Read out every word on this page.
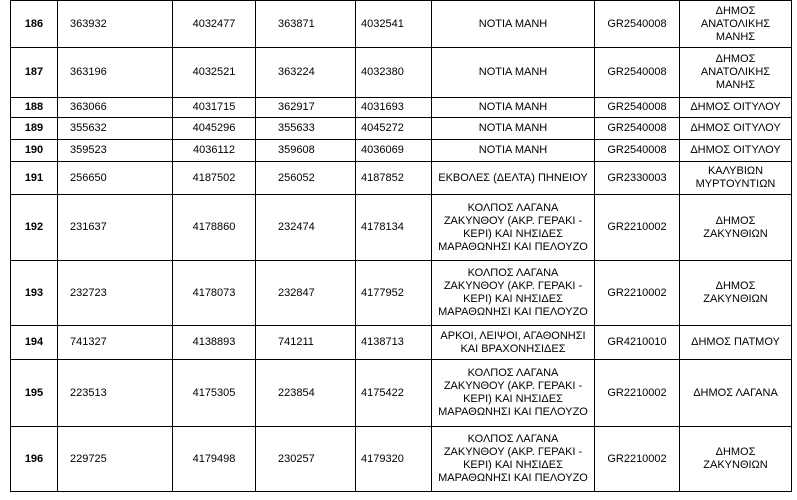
186	363932	4032477	363871	4032541	ΝΟΤΙΑ ΜΑΝΗ	GR2540008	ΔΗΜΟΣ
ΑΝΑΤΟΛΙΚΗΣ
ΜΑΝΗΣ

187	363196	4032521	363224	4032380	ΝΟΤΙΑ ΜΑΝΗ	GR2540008	ΔΗΜΟΣ
ΑΝΑΤΟΛΙΚΗΣ
ΜΑΝΗΣ

188	363066	4031715	362917	4031693	ΝΟΤΙΑ ΜΑΝΗ	GR2540008	ΔΗΜΟΣ ΟΙΤΥΛΟΥ

189	355632	4045296	355633	4045272	ΝΟΤΙΑ ΜΑΝΗ	GR2540008	ΔΗΜΟΣ ΟΙΤΥΛΟΥ

190	359523	4036112	359608	4036069	ΝΟΤΙΑ ΜΑΝΗ	GR2540008	ΔΗΜΟΣ ΟΙΤΥΛΟΥ

191	256650	4187502	256052	4187852	ΕΚΒΟΛΕΣ (ΔΕΛΤΑ) ΠΗΝΕΙΟΥ	GR2330003	ΚΑΛΥΒΙΩΝ
ΜΥΡΤΟΥΝΤΙΩΝ

192	231637	4178860	232474	4178134	ΚΟΛΠΟΣ ΛΑΓΑΝΑ
ΖΑΚΥΝΘΟΥ (ΑΚΡ. ΓΕΡΑΚΙ -
ΚΕΡΙ) ΚΑΙ ΝΗΣΙΔΕΣ
ΜΑΡΑΘΩΝΗΣΙ ΚΑΙ ΠΕΛΟΥΖΟ	GR2210002	ΔΗΜΟΣ ΖΑΚΥΝΘΙΩΝ

193	232723	4178073	232847	4177952	ΚΟΛΠΟΣ ΛΑΓΑΝΑ
ΖΑΚΥΝΘΟΥ (ΑΚΡ. ΓΕΡΑΚΙ -
ΚΕΡΙ) ΚΑΙ ΝΗΣΙΔΕΣ
ΜΑΡΑΘΩΝΗΣΙ ΚΑΙ ΠΕΛΟΥΖΟ	GR2210002	ΔΗΜΟΣ ΖΑΚΥΝΘΙΩΝ

194	741327	4138893	741211	4138713	ΑΡΚΟΙ, ΛΕΙΨΟΙ, ΑΓΑΘΟΝΗΣΙ
ΚΑΙ ΒΡΑΧΟΝΗΣΙΔΕΣ	GR4210010	ΔΗΜΟΣ ΠΑΤΜΟΥ

195	223513	4175305	223854	4175422	ΚΟΛΠΟΣ ΛΑΓΑΝΑ
ΖΑΚΥΝΘΟΥ (ΑΚΡ. ΓΕΡΑΚΙ -
ΚΕΡΙ) ΚΑΙ ΝΗΣΙΔΕΣ
ΜΑΡΑΘΩΝΗΣΙ ΚΑΙ ΠΕΛΟΥΖΟ	GR2210002	ΔΗΜΟΣ ΛΑΓΑΝΑ

196	229725	4179498	230257	4179320	ΚΟΛΠΟΣ ΛΑΓΑΝΑ
ΖΑΚΥΝΘΟΥ (ΑΚΡ. ΓΕΡΑΚΙ -
ΚΕΡΙ) ΚΑΙ ΝΗΣΙΔΕΣ
ΜΑΡΑΘΩΝΗΣΙ ΚΑΙ ΠΕΛΟΥΖΟ	GR2210002	ΔΗΜΟΣ ΖΑΚΥΝΘΙΩΝ
